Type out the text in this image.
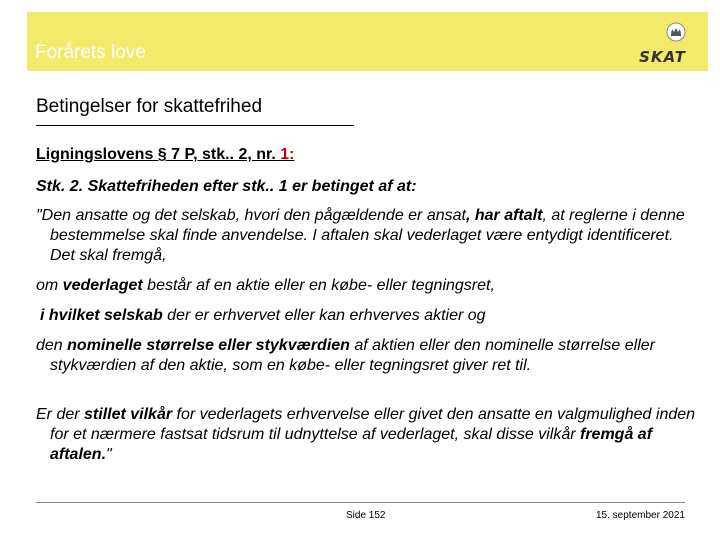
Forårets love	SKAT
Betingelser for skattefrihed
Ligningslovens § 7 P, stk.. 2, nr. 1:
Stk. 2. Skattefriheden efter stk.. 1 er betinget af at:
"Den ansatte og det selskab, hvori den pågældende er ansat, har aftalt, at reglerne i denne bestemmelse skal finde anvendelse. I aftalen skal vederlaget være entydigt identificeret. Det skal fremgå,
om vederlaget består af en aktie eller en købe- eller tegningsret,
i hvilket selskab der er erhvervet eller kan erhverves aktier og
den nominelle størrelse eller stykværdien af aktien eller den nominelle størrelse eller stykværdien af den aktie, som en købe- eller tegningsret giver ret til.
Er der stillet vilkår for vederlagets erhvervelse eller givet den ansatte en valgmulighed inden for et nærmere fastsat tidsrum til udnyttelse af vederlaget, skal disse vilkår fremgå af aftalen."
Side 152	15. september 2021
